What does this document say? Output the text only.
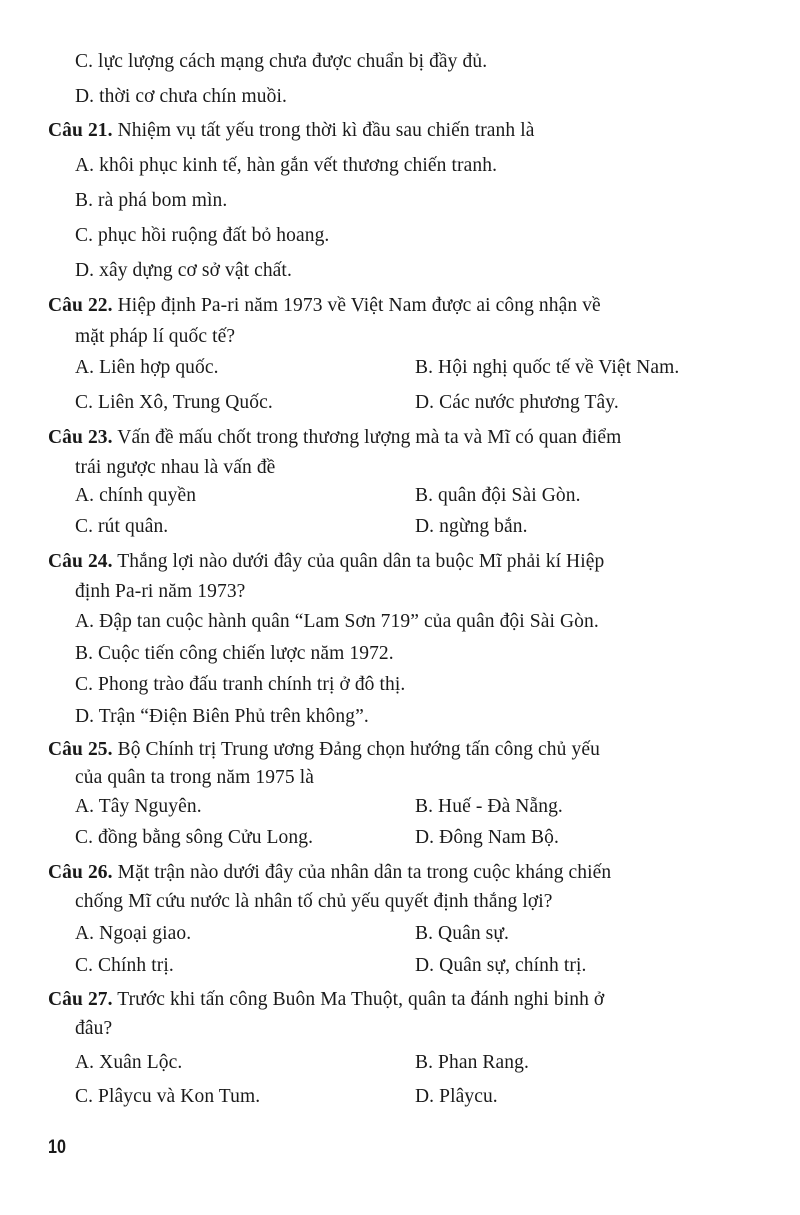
C. lực lượng cách mạng chưa được chuẩn bị đầy đủ.
D. thời cơ chưa chín muồi.
Câu 21. Nhiệm vụ tất yếu trong thời kì đầu sau chiến tranh là
A. khôi phục kinh tế, hàn gắn vết thương chiến tranh.
B. rà phá bom mìn.
C. phục hồi ruộng đất bỏ hoang.
D. xây dựng cơ sở vật chất.
Câu 22. Hiệp định Pa-ri năm 1973 về Việt Nam được ai công nhận về
mặt pháp lí quốc tế?
A. Liên hợp quốc.	B. Hội nghị quốc tế về Việt Nam.
C. Liên Xô, Trung Quốc.	D. Các nước phương Tây.
Câu 23. Vấn đề mấu chốt trong thương lượng mà ta và Mĩ có quan điểm
trái ngược nhau là vấn đề
A. chính quyền	B. quân đội Sài Gòn.
C. rút quân.	D. ngừng bắn.
Câu 24. Thắng lợi nào dưới đây của quân dân ta buộc Mĩ phải kí Hiệp
định Pa-ri năm 1973?
A. Đập tan cuộc hành quân “Lam Sơn 719” của quân đội Sài Gòn.
B. Cuộc tiến công chiến lược năm 1972.
C. Phong trào đấu tranh chính trị ở đô thị.
D. Trận “Điện Biên Phủ trên không”.
Câu 25. Bộ Chính trị Trung ương Đảng chọn hướng tấn công chủ yếu
của quân ta trong năm 1975 là
A. Tây Nguyên.	B. Huế - Đà Nẵng.
C. đồng bằng sông Cửu Long.	D. Đông Nam Bộ.
Câu 26. Mặt trận nào dưới đây của nhân dân ta trong cuộc kháng chiến
chống Mĩ cứu nước là nhân tố chủ yếu quyết định thắng lợi?
A. Ngoại giao.	B. Quân sự.
C. Chính trị.	D. Quân sự, chính trị.
Câu 27. Trước khi tấn công Buôn Ma Thuột, quân ta đánh nghi binh ở
đâu?
A. Xuân Lộc.	B. Phan Rang.
C. Plâycu và Kon Tum.	D. Plâycu.
10
